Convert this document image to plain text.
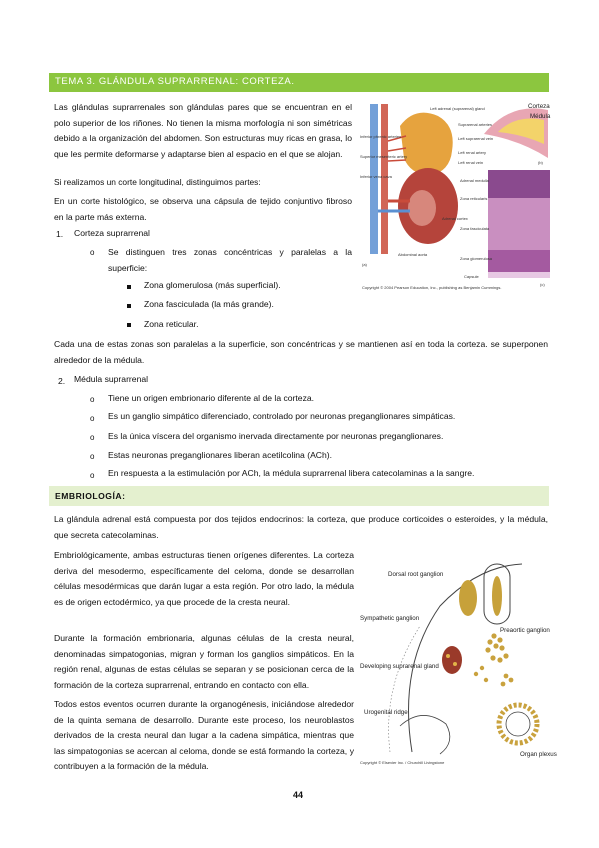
TEMA 3. GLÁNDULA SUPRARRENAL: CORTEZA.
Las glándulas suprarrenales son glándulas pares que se encuentran en el polo superior de los riñones. No tienen la misma morfología ni son simétricas debido a la organización del abdomen. Son estructuras muy ricas en grasa, lo que les permite deformarse y adaptarse bien al espacio en el que se alojan.
Si realizamos un corte longitudinal, distinguimos partes:
En un corte histológico, se observa una cápsula de tejido conjuntivo fibroso en la parte más externa.
1. Corteza suprarrenal
o Se distinguen tres zonas concéntricas y paralelas a la superficie:
Zona glomerulosa (más superficial).
Zona fasciculada (la más grande).
Zona reticular.
Cada una de estas zonas son paralelas a la superficie, son concéntricas y se mantienen así en toda la corteza. se superponen alrededor de la médula.
2. Médula suprarrenal
o Tiene un origen embrionario diferente al de la corteza.
o Es un ganglio simpático diferenciado, controlado por neuronas preganglionares simpáticas.
o Es la única víscera del organismo inervada directamente por neuronas preganglionares.
o Estas neuronas preganglionares liberan acetilcolina (ACh).
o En respuesta a la estimulación por ACh, la médula suprarrenal libera catecolaminas a la sangre.
EMBRIOLOGÍA:
La glándula adrenal está compuesta por dos tejidos endocrinos: la corteza, que produce corticoides o esteroides, y la médula, que secreta catecolaminas.
Embriológicamente, ambas estructuras tienen orígenes diferentes. La corteza deriva del mesodermo, específicamente del celoma, donde se desarrollan células mesodérmicas que darán lugar a esta región. Por otro lado, la médula es de origen ectodérmico, ya que procede de la cresta neural.
Durante la formación embrionaria, algunas células de la cresta neural, denominadas simpatogonias, migran y forman los ganglios simpáticos. En la región renal, algunas de estas células se separan y se posicionan cerca de la formación de la corteza suprarrenal, entrando en contacto con ella.
Todos estos eventos ocurren durante la organogénesis, iniciándose alrededor de la quinta semana de desarrollo. Durante este proceso, los neuroblastos derivados de la cresta neural dan lugar a la cadena simpática, mientras que las simpatogonias se acercan al celoma, donde se está formando la corteza, y contribuyen a la formación de la médula.
Left adrenal (suprarenal) gland
Suprarenal arteries
Left suprarenal vein
Left renal artery
Left renal vein
Inferior phrenic arteries
Superior mesenteric artery
Inferior vena cava
Abdominal aorta
(a)
Corteza
Médula
(b)
Adrenal medulla
Zona reticularis
Adrenal cortex
Zona fasciculata
Zona glomerulosa
Capsule
(c)
Copyright © 2004 Pearson Education, Inc., publishing as Benjamin Cummings.
Dorsal root ganglion
Sympathetic ganglion
Preaortic ganglion
Developing suprarenal gland
Urogenital ridge
Organ plexus
Copyright © Elsevier Inc. / Churchill Livingstone
44
